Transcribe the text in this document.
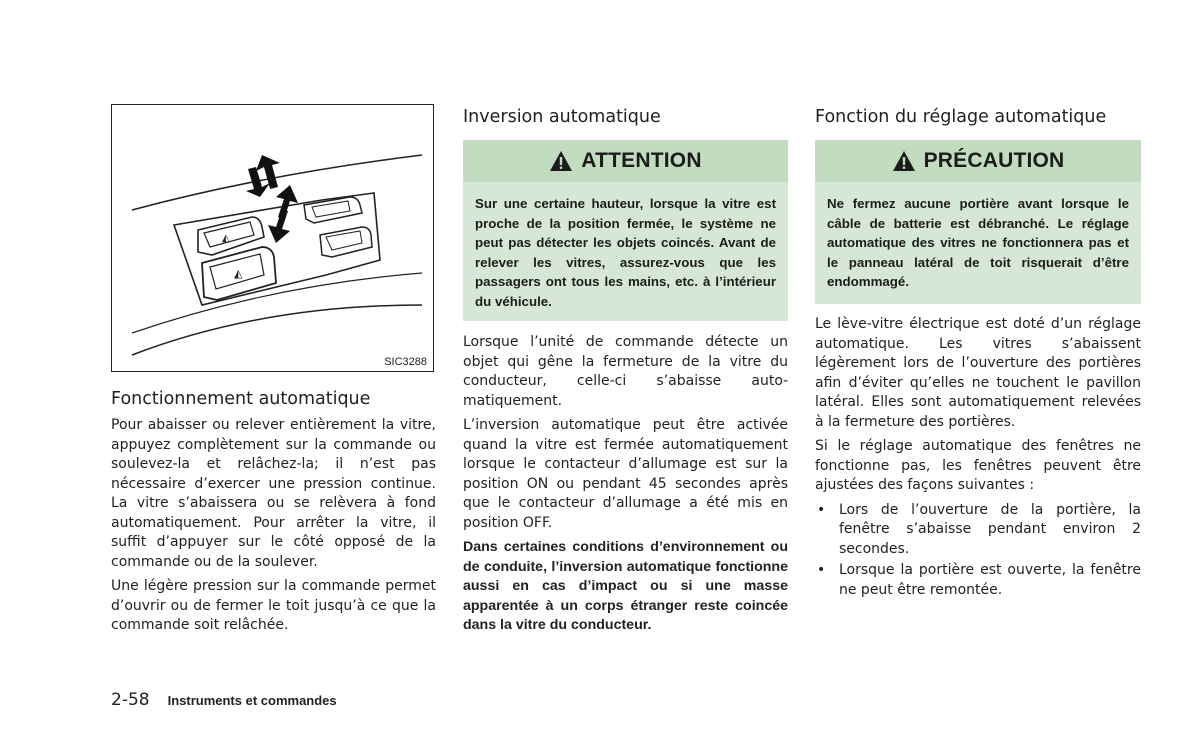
◭
◭
SIC3288
Fonctionnement automatique

Pour abaisser ou relever entièrement la vitre, appuyez complètement sur la commande ou soulevez-la et relâchez-la; il n’est pas nécessaire d’exercer une pression continue. La vitre s’abaissera ou se relèvera à fond automatiquement. Pour arrêter la vitre, il suffit d’appuyer sur le côté opposé de la commande ou de la soulever.

Une légère pression sur la commande permet d’ouvrir ou de fermer le toit jusqu’à ce que la commande soit relâchée.

Inversion automatique
ATTENTION
Sur une certaine hauteur, lorsque la vitre est proche de la position fermée, le système ne peut pas détecter les objets coincés. Avant de relever les vitres, assurez-vous que les passagers ont tous les mains, etc. à l’intérieur du véhicule.

Lorsque l’unité de commande détecte un objet qui gêne la fermeture de la vitre du conducteur, celle-ci s’abaisse automatiquement.

L’inversion automatique peut être activée quand la vitre est fermée automatiquement lorsque le contacteur d’allumage est sur la position ON ou pendant 45 secondes après que le contacteur d’allumage a été mis en position OFF.

Dans certaines conditions d’environnement ou de conduite, l’inversion automatique fonctionne aussi en cas d’impact ou si une masse apparentée à un corps étranger reste coincée dans la vitre du conducteur.

Fonction du réglage automatique
PRÉCAUTION
Ne fermez aucune portière avant lorsque le câble de batterie est débranché. Le réglage automatique des vitres ne fonctionnera pas et le panneau latéral de toit risquerait d’être endommagé.

Le lève-vitre électrique est doté d’un réglage automatique. Les vitres s’abaissent légèrement lors de l’ouverture des portières afin d’éviter qu’elles ne touchent le pavillon latéral. Elles sont automatiquement relevées à la fermeture des portières.

Si le réglage automatique des fenêtres ne fonctionne pas, les fenêtres peuvent être ajustées des façons suivantes :

• Lors de l’ouverture de la portière, la fenêtre s’abaisse pendant environ 2 secondes.
• Lorsque la portière est ouverte, la fenêtre ne peut être remontée.
2-58 Instruments et commandes
